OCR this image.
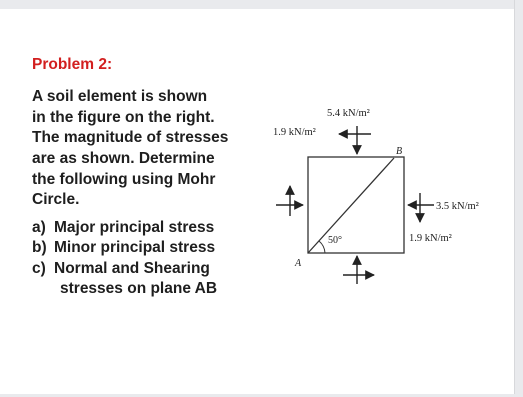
Problem 2:
A soil element is shown
in the figure on the right.
The magnitude of stresses
are as shown. Determine
the following using Mohr
Circle.
a) Major principal stress
b) Minor principal stress
c) Normal and Shearing
stresses on plane AB
5.4 kN/m²
1.9 kN/m²
3.5 kN/m²
1.9 kN/m²
50°
A
B
